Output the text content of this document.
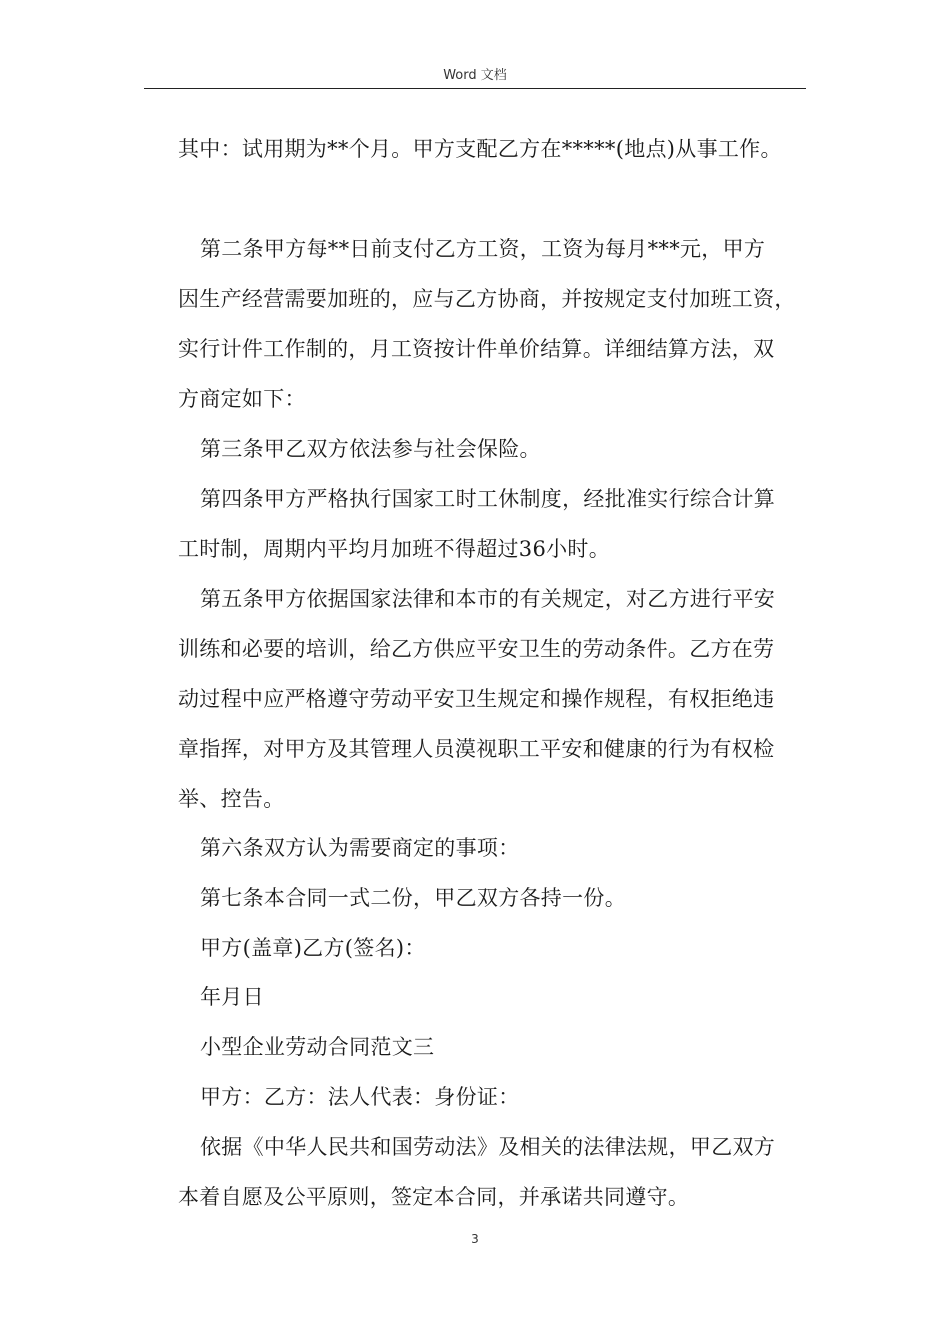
Word 文档

其中：试用期为**个月。甲方支配乙方在*****(地点)从事工作。

第二条甲方每**日前支付乙方工资，工资为每月***元，甲方
因生产经营需要加班的，应与乙方协商，并按规定支付加班工资，
实行计件工作制的，月工资按计件单价结算。详细结算方法，双
方商定如下：

第三条甲乙双方依法参与社会保险。

第四条甲方严格执行国家工时工休制度，经批准实行综合计算
工时制，周期内平均月加班不得超过36小时。

第五条甲方依据国家法律和本市的有关规定，对乙方进行平安
训练和必要的培训，给乙方供应平安卫生的劳动条件。乙方在劳
动过程中应严格遵守劳动平安卫生规定和操作规程，有权拒绝违
章指挥，对甲方及其管理人员漠视职工平安和健康的行为有权检
举、控告。

第六条双方认为需要商定的事项：

第七条本合同一式二份，甲乙双方各持一份。

甲方(盖章)乙方(签名)：

年月日

小型企业劳动合同范文三

甲方：乙方：法人代表：身份证：

依据《中华人民共和国劳动法》及相关的法律法规，甲乙双方
本着自愿及公平原则，签定本合同，并承诺共同遵守。

3
